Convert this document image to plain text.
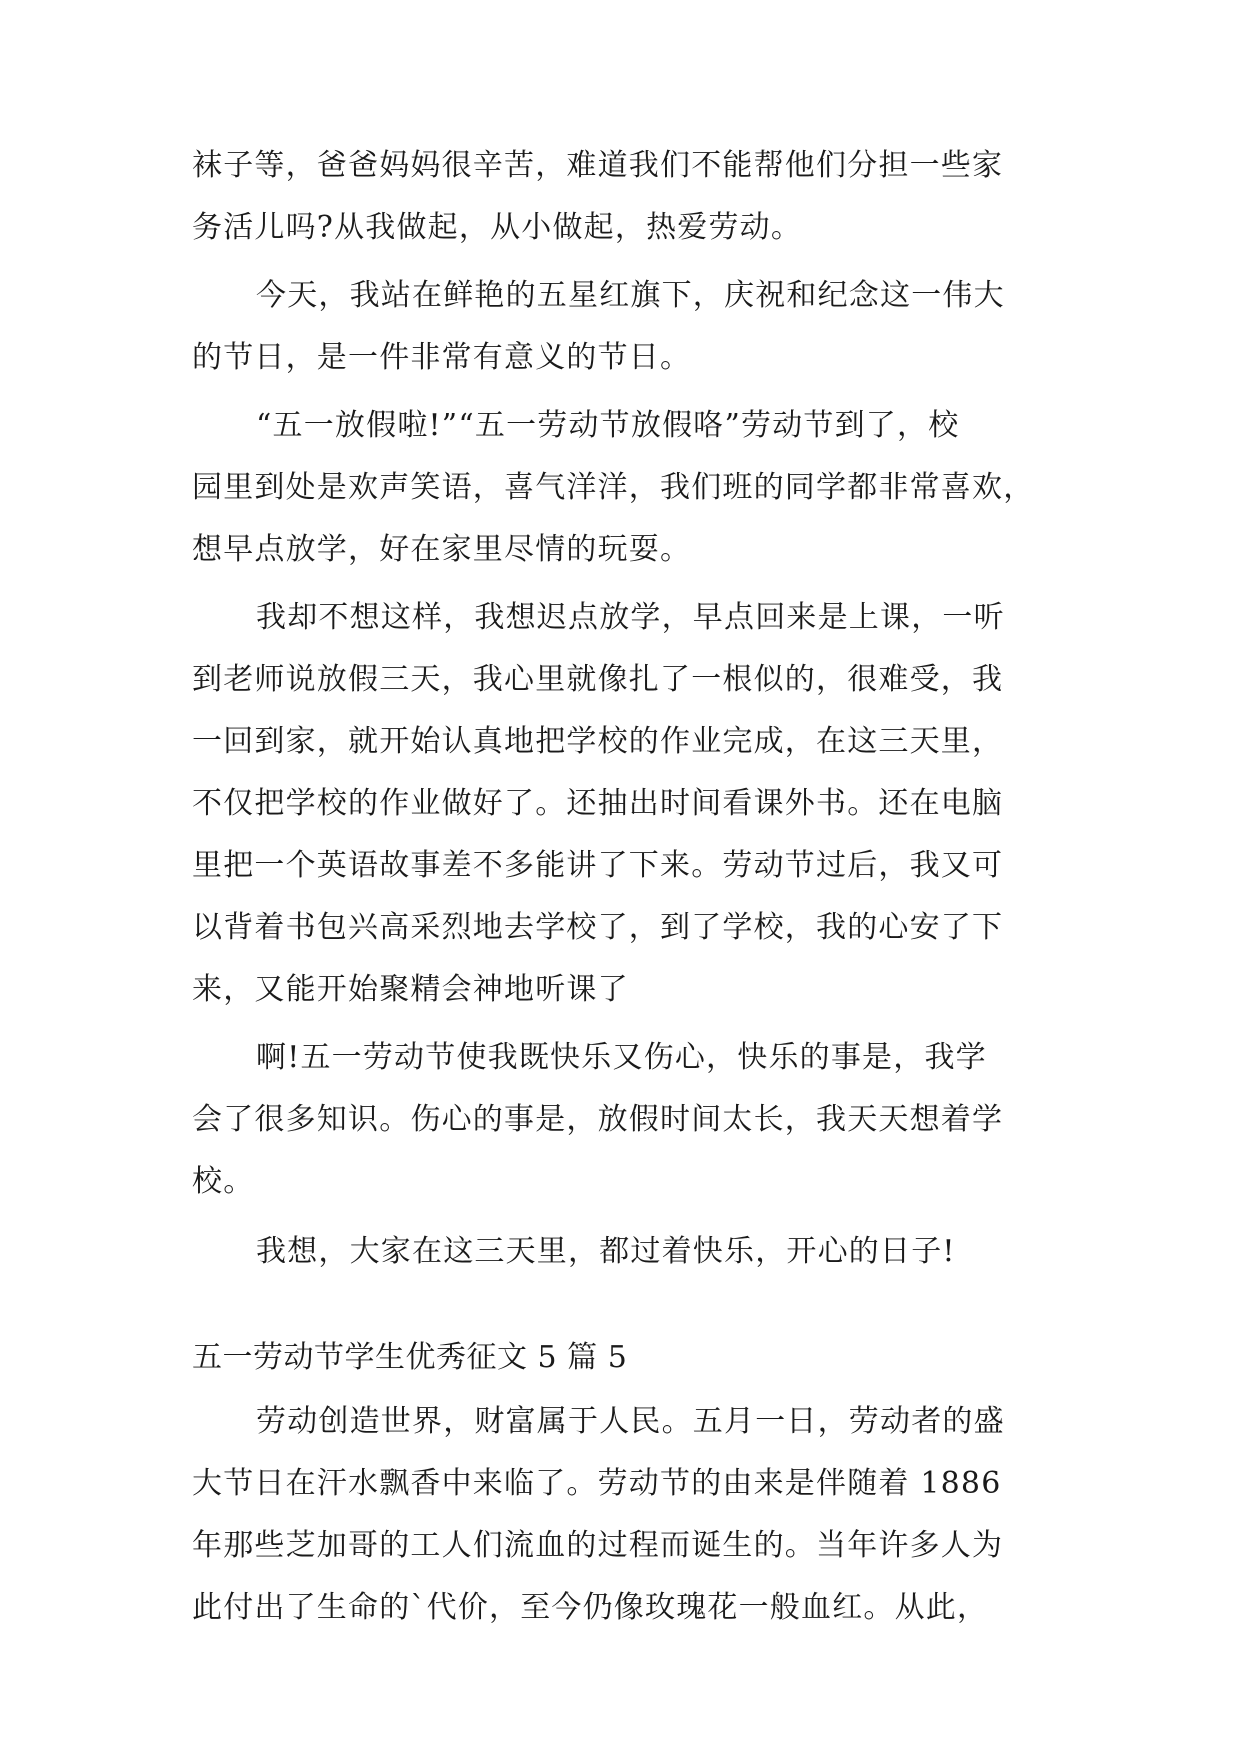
袜子等，爸爸妈妈很辛苦，难道我们不能帮他们分担一些家
务活儿吗?从我做起，从小做起，热爱劳动。
今天，我站在鲜艳的五星红旗下，庆祝和纪念这一伟大
的节日，是一件非常有意义的节日。
“五一放假啦!”“五一劳动节放假咯”劳动节到了，校
园里到处是欢声笑语，喜气洋洋，我们班的同学都非常喜欢，
想早点放学，好在家里尽情的玩耍。
我却不想这样，我想迟点放学，早点回来是上课，一听
到老师说放假三天，我心里就像扎了一根似的，很难受，我
一回到家，就开始认真地把学校的作业完成，在这三天里，
不仅把学校的作业做好了。还抽出时间看课外书。还在电脑
里把一个英语故事差不多能讲了下来。劳动节过后，我又可
以背着书包兴高采烈地去学校了，到了学校，我的心安了下
来，又能开始聚精会神地听课了
啊!五一劳动节使我既快乐又伤心，快乐的事是，我学
会了很多知识。伤心的事是，放假时间太长，我天天想着学
校。
我想，大家在这三天里，都过着快乐，开心的日子!
五一劳动节学生优秀征文 5 篇 5
劳动创造世界，财富属于人民。五月一日，劳动者的盛
大节日在汗水飘香中来临了。劳动节的由来是伴随着 1886
年那些芝加哥的工人们流血的过程而诞生的。当年许多人为
此付出了生命的`代价，至今仍像玫瑰花一般血红。从此，
